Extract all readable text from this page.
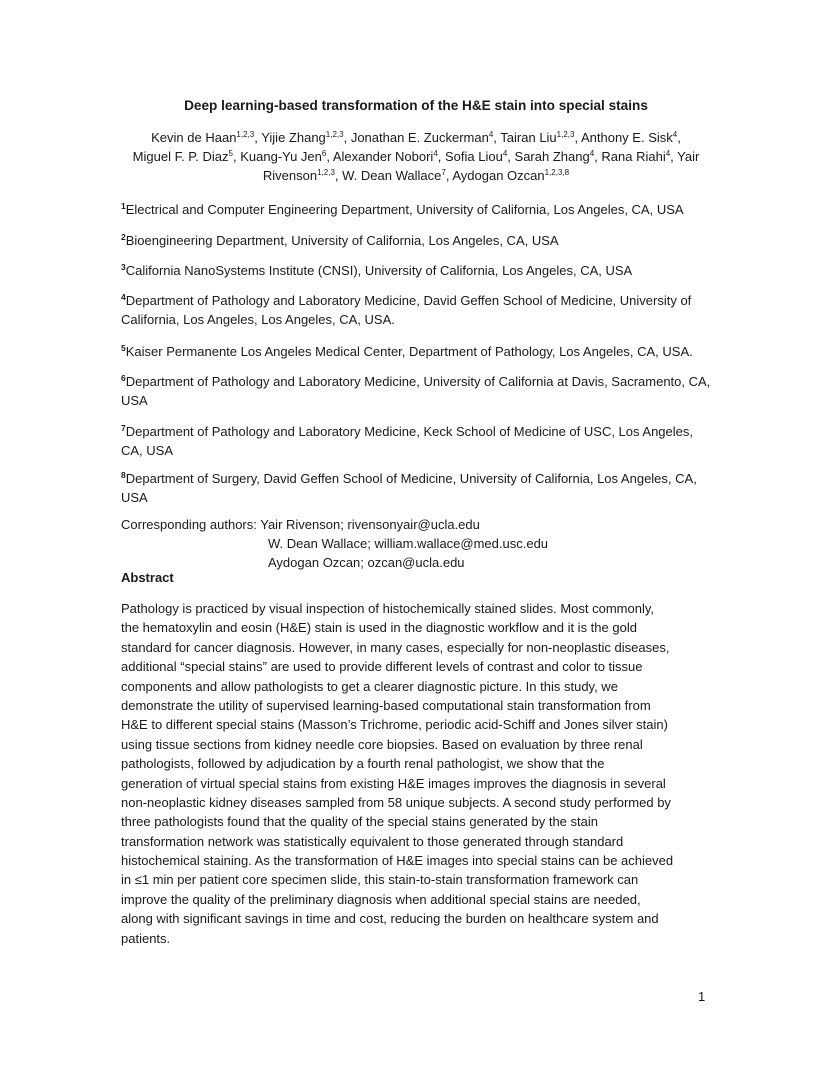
Deep learning-based transformation of the H&E stain into special stains
Kevin de Haan$^{1,2,3}$, Yijie Zhang$^{1,2,3}$, Jonathan E. Zuckerman$^4$, Tairan Liu$^{1,2,3}$, Anthony E. Sisk$^4$,
Miguel F. P. Diaz$^5$, Kuang-Yu Jen$^6$, Alexander Nobori$^4$, Sofia Liou$^4$, Sarah Zhang$^4$, Rana Riahi$^4$, Yair Rivenson$^{1,2,3}$, W. Dean Wallace$^7$, Aydogan Ozcan$^{1,2,3,8}$
$^1$Electrical and Computer Engineering Department, University of California, Los Angeles, CA, USA
$^2$Bioengineering Department, University of California, Los Angeles, CA, USA
$^3$California NanoSystems Institute (CNSI), University of California, Los Angeles, CA, USA
$^4$Department of Pathology and Laboratory Medicine, David Geffen School of Medicine, University of California, Los Angeles, Los Angeles, CA, USA.
$^5$Kaiser Permanente Los Angeles Medical Center, Department of Pathology, Los Angeles, CA, USA.
$^6$Department of Pathology and Laboratory Medicine, University of California at Davis, Sacramento, CA, USA
$^7$Department of Pathology and Laboratory Medicine, Keck School of Medicine of USC, Los Angeles, CA, USA
$^8$Department of Surgery, David Geffen School of Medicine, University of California, Los Angeles, CA, USA
Corresponding authors: Yair Rivenson; rivensonyair@ucla.edu
W. Dean Wallace; william.wallace@med.usc.edu
Aydogan Ozcan; ozcan@ucla.edu
Abstract
Pathology is practiced by visual inspection of histochemically stained slides. Most commonly,
the hematoxylin and eosin (H&E) stain is used in the diagnostic workflow and it is the gold
standard for cancer diagnosis. However, in many cases, especially for non-neoplastic diseases,
additional “special stains” are used to provide different levels of contrast and color to tissue
components and allow pathologists to get a clearer diagnostic picture. In this study, we
demonstrate the utility of supervised learning-based computational stain transformation from
H&E to different special stains (Masson’s Trichrome, periodic acid-Schiff and Jones silver stain)
using tissue sections from kidney needle core biopsies. Based on evaluation by three renal
pathologists, followed by adjudication by a fourth renal pathologist, we show that the
generation of virtual special stains from existing H&E images improves the diagnosis in several
non-neoplastic kidney diseases sampled from 58 unique subjects. A second study performed by
three pathologists found that the quality of the special stains generated by the stain
transformation network was statistically equivalent to those generated through standard
histochemical staining. As the transformation of H&E images into special stains can be achieved
in ≤1 min per patient core specimen slide, this stain-to-stain transformation framework can
improve the quality of the preliminary diagnosis when additional special stains are needed,
along with significant savings in time and cost, reducing the burden on healthcare system and
patients.
1
